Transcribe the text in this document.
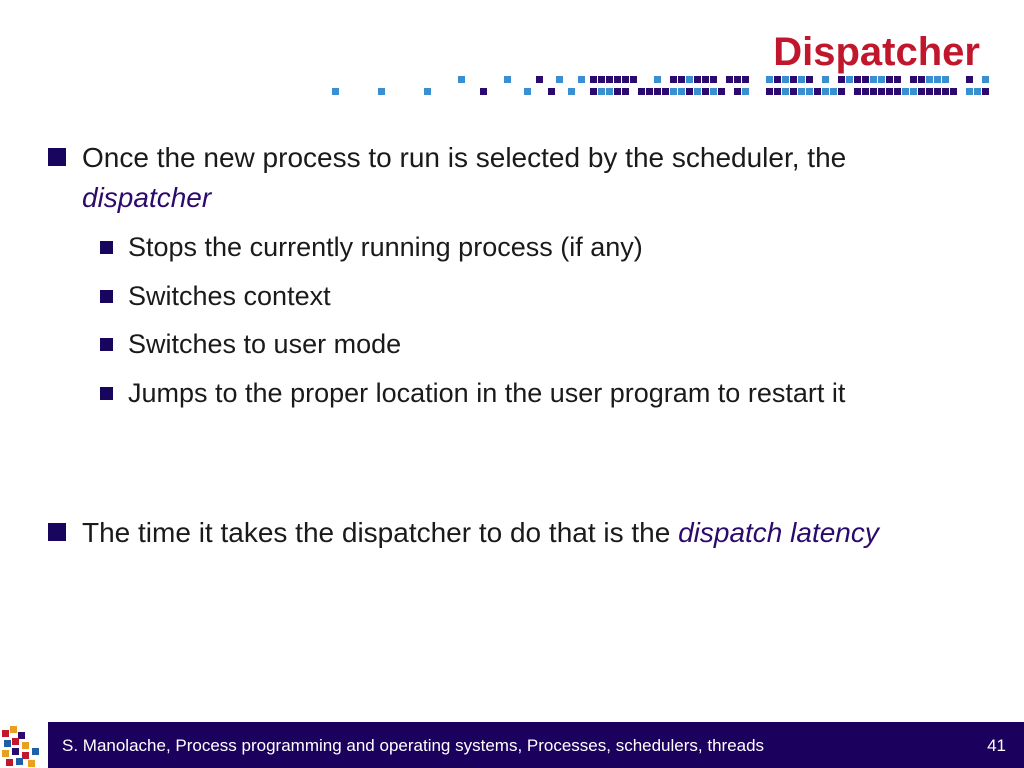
Dispatcher
Once the new process to run is selected by the scheduler, the dispatcher
Stops the currently running process (if any)
Switches context
Switches to user mode
Jumps to the proper location in the user program to restart it
The time it takes the dispatcher to do that is the dispatch latency
S. Manolache, Process programming and operating systems, Processes, schedulers, threads	41
